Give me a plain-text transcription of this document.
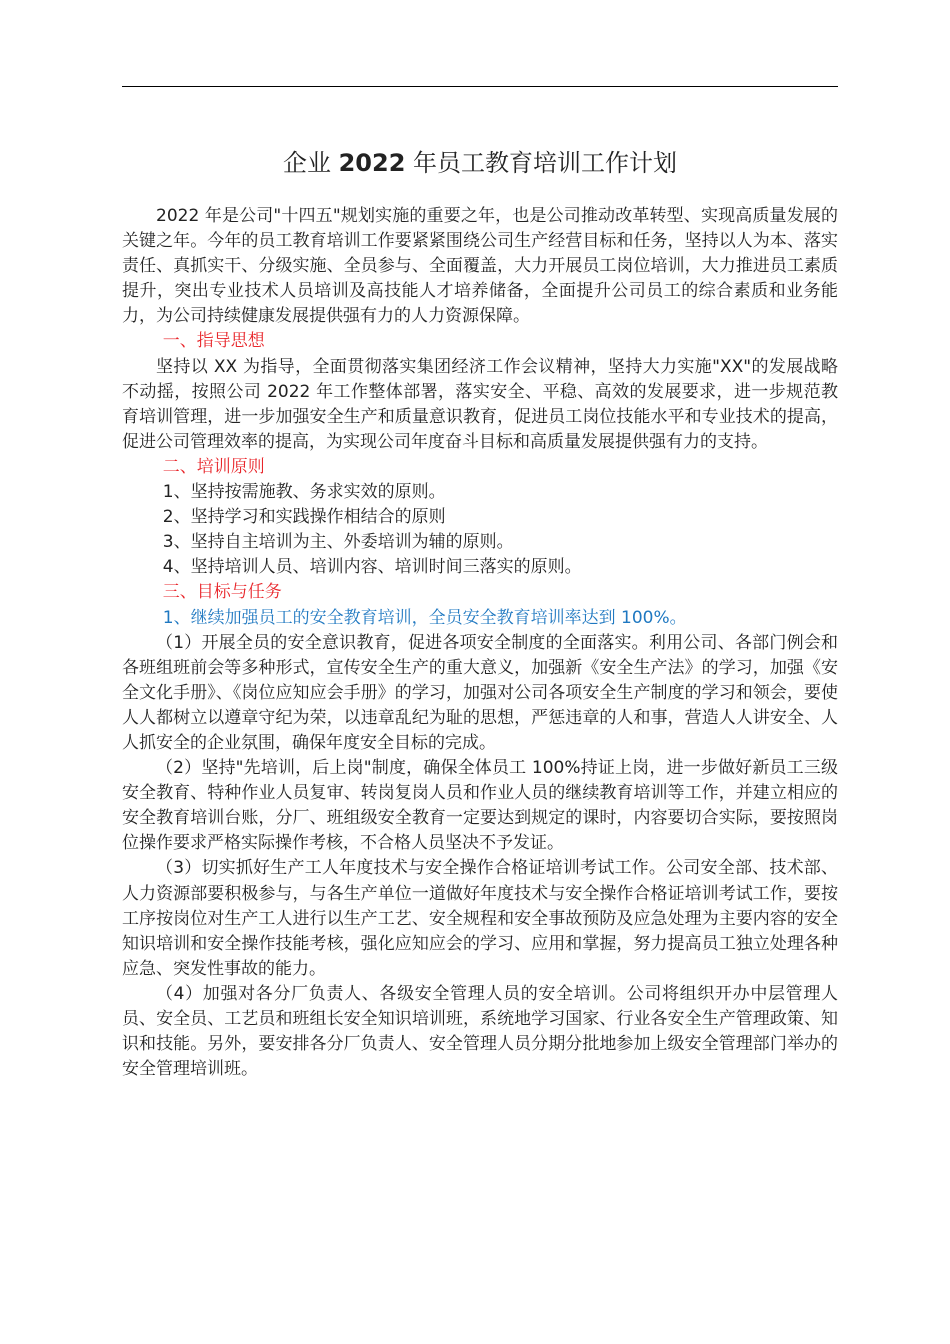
企业 2022 年员工教育培训工作计划

2022 年是公司"十四五"规划实施的重要之年，也是公司推动改革转型、实现高质量发展的关键之年。今年的员工教育培训工作要紧紧围绕公司生产经营目标和任务，坚持以人为本、落实责任、真抓实干、分级实施、全员参与、全面覆盖，大力开展员工岗位培训，大力推进员工素质提升，突出专业技术人员培训及高技能人才培养储备，全面提升公司员工的综合素质和业务能力，为公司持续健康发展提供强有力的人力资源保障。

一、指导思想

坚持以 XX 为指导，全面贯彻落实集团经济工作会议精神，坚持大力实施"XX"的发展战略不动摇，按照公司 2022 年工作整体部署，落实安全、平稳、高效的发展要求，进一步规范教育培训管理，进一步加强安全生产和质量意识教育，促进员工岗位技能水平和专业技术的提高，促进公司管理效率的提高，为实现公司年度奋斗目标和高质量发展提供强有力的支持。

二、培训原则

1、坚持按需施教、务求实效的原则。

2、坚持学习和实践操作相结合的原则

3、坚持自主培训为主、外委培训为辅的原则。

4、坚持培训人员、培训内容、培训时间三落实的原则。

三、目标与任务

1、继续加强员工的安全教育培训，全员安全教育培训率达到 100%。

（1）开展全员的安全意识教育，促进各项安全制度的全面落实。利用公司、各部门例会和各班组班前会等多种形式，宣传安全生产的重大意义，加强新《安全生产法》的学习，加强《安全文化手册》、《岗位应知应会手册》的学习，加强对公司各项安全生产制度的学习和领会，要使人人都树立以遵章守纪为荣，以违章乱纪为耻的思想，严惩违章的人和事，营造人人讲安全、人人抓安全的企业氛围，确保年度安全目标的完成。

（2）坚持"先培训，后上岗"制度，确保全体员工 100%持证上岗，进一步做好新员工三级安全教育、特种作业人员复审、转岗复岗人员和作业人员的继续教育培训等工作，并建立相应的安全教育培训台账，分厂、班组级安全教育一定要达到规定的课时，内容要切合实际，要按照岗位操作要求严格实际操作考核，不合格人员坚决不予发证。

（3）切实抓好生产工人年度技术与安全操作合格证培训考试工作。公司安全部、技术部、人力资源部要积极参与，与各生产单位一道做好年度技术与安全操作合格证培训考试工作，要按工序按岗位对生产工人进行以生产工艺、安全规程和安全事故预防及应急处理为主要内容的安全知识培训和安全操作技能考核，强化应知应会的学习、应用和掌握，努力提高员工独立处理各种应急、突发性事故的能力。

（4）加强对各分厂负责人、各级安全管理人员的安全培训。公司将组织开办中层管理人员、安全员、工艺员和班组长安全知识培训班，系统地学习国家、行业各安全生产管理政策、知识和技能。另外，要安排各分厂负责人、安全管理人员分期分批地参加上级安全管理部门举办的安全管理培训班。
